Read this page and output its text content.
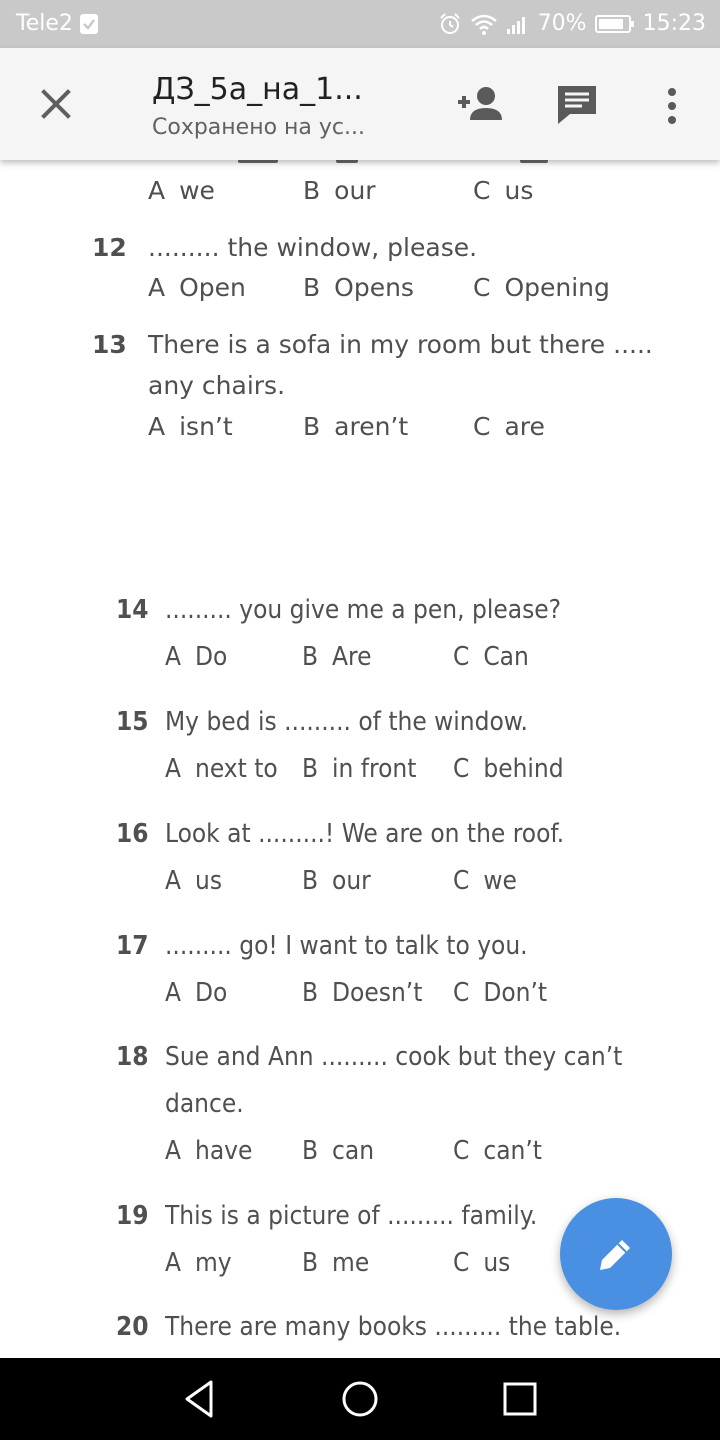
Tele2	70%	15:23
ДЗ_5а_на_1...
Сохранено на ус...
A we	B our	C us
12 ......... the window, please.
A Open B Opens C Opening
13 There is a sofa in my room but there .....
any chairs.
A isn’t	B aren’t	C are
14 ......... you give me a pen, please?
A Do	B Are	C Can
15 My bed is ......... of the window.
A next to B in front C behind
16 Look at .........! We are on the roof.
A us	B our	C we
17 ......... go! I want to talk to you.
A Do	B Doesn’t C Don’t
18 Sue and Ann ......... cook but they can’t
dance.
A have B can	C can’t
19 This is a picture of ......... family.
A my	B me	C us
20 There are many books ......... the table.
